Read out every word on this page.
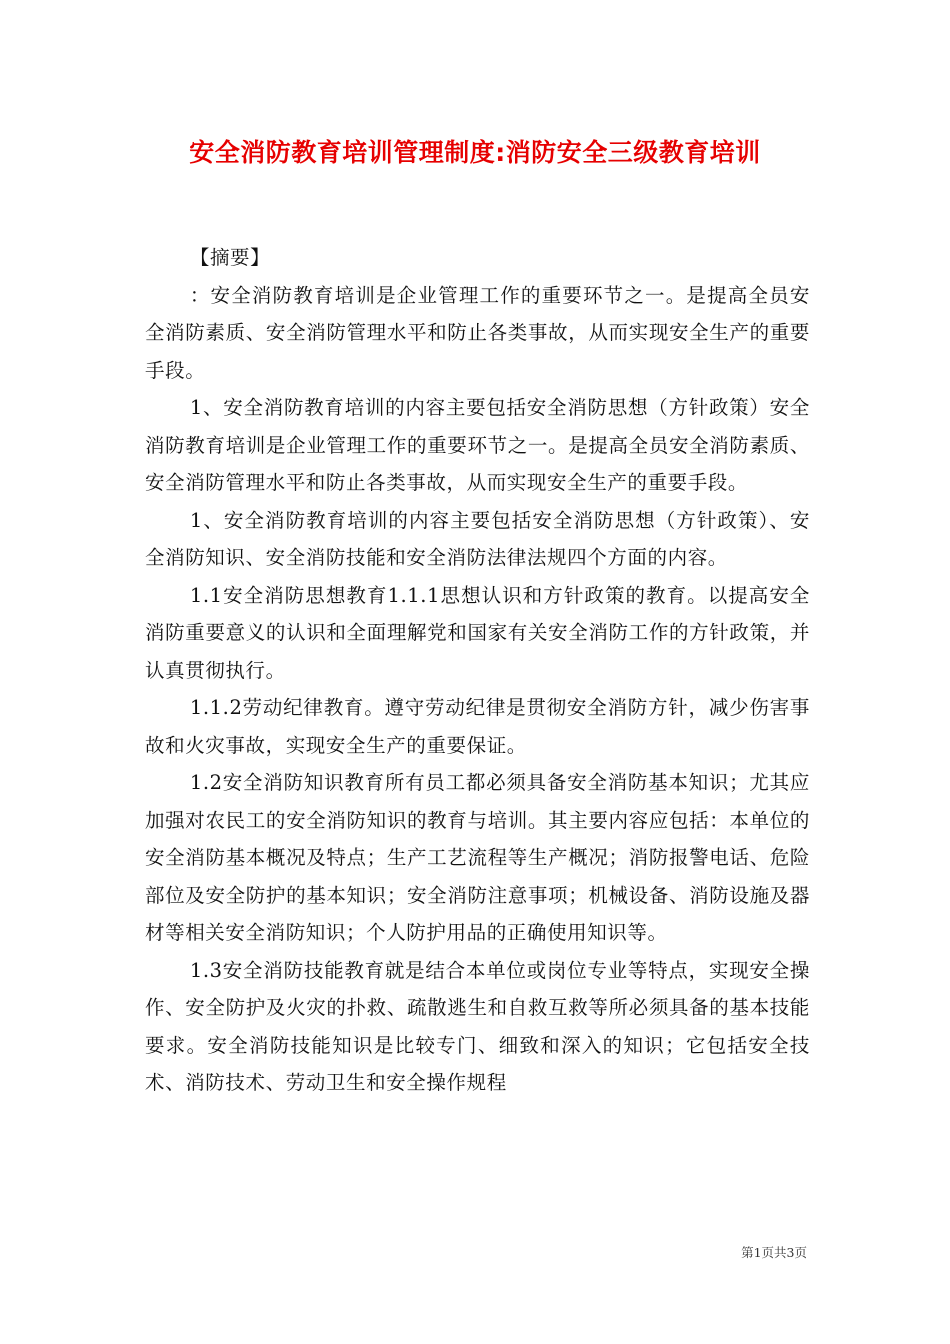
安全消防教育培训管理制度:消防安全三级教育培训

【摘要】

：安全消防教育培训是企业管理工作的重要环节之一。是提高全员安全消防素质、安全消防管理水平和防止各类事故，从而实现安全生产的重要手段。

1、安全消防教育培训的内容主要包括安全消防思想（方针政策）安全消防教育培训是企业管理工作的重要环节之一。是提高全员安全消防素质、安全消防管理水平和防止各类事故，从而实现安全生产的重要手段。

1、安全消防教育培训的内容主要包括安全消防思想（方针政策）、安全消防知识、安全消防技能和安全消防法律法规四个方面的内容。

1.1安全消防思想教育1.1.1思想认识和方针政策的教育。以提高安全消防重要意义的认识和全面理解党和国家有关安全消防工作的方针政策，并认真贯彻执行。

1.1.2劳动纪律教育。遵守劳动纪律是贯彻安全消防方针，减少伤害事故和火灾事故，实现安全生产的重要保证。

1.2安全消防知识教育所有员工都必须具备安全消防基本知识；尤其应加强对农民工的安全消防知识的教育与培训。其主要内容应包括：本单位的安全消防基本概况及特点；生产工艺流程等生产概况；消防报警电话、危险部位及安全防护的基本知识；安全消防注意事项；机械设备、消防设施及器材等相关安全消防知识；个人防护用品的正确使用知识等。

1.3安全消防技能教育就是结合本单位或岗位专业等特点，实现安全操作、安全防护及火灾的扑救、疏散逃生和自救互救等所必须具备的基本技能要求。安全消防技能知识是比较专门、细致和深入的知识；它包括安全技术、消防技术、劳动卫生和安全操作规程

第1页共3页
